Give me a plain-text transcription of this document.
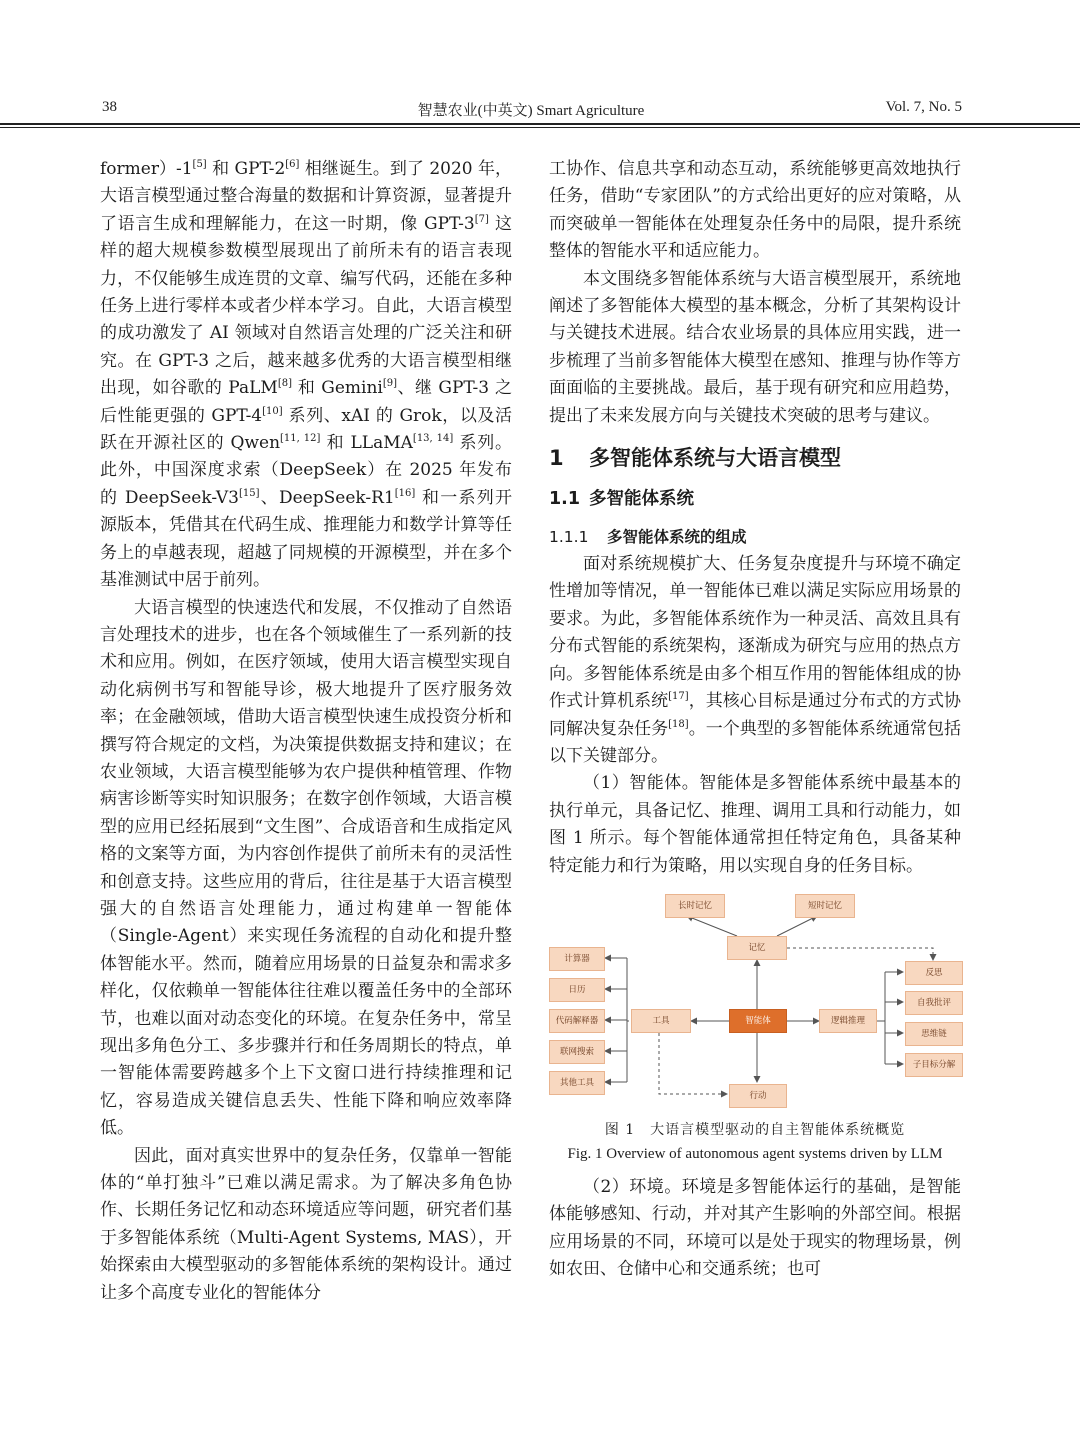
38	智慧农业(中英文) Smart Agriculture	Vol. 7, No. 5

former）-1[5] 和 GPT-2[6] 相继诞生。到了 2020 年，大语言模型通过整合海量的数据和计算资源，显著提升了语言生成和理解能力，在这一时期，像 GPT-3[7] 这样的超大规模参数模型展现出了前所未有的语言表现力，不仅能够生成连贯的文章、编写代码，还能在多种任务上进行零样本或者少样本学习。自此，大语言模型的成功激发了 AI 领域对自然语言处理的广泛关注和研究。在 GPT-3 之后，越来越多优秀的大语言模型相继出现，如谷歌的 PaLM[8] 和 Gemini[9]、继 GPT-3 之后性能更强的 GPT-4[10] 系列、xAI 的 Grok，以及活跃在开源社区的 Qwen[11, 12] 和 LLaMA[13, 14] 系列。此外，中国深度求索（DeepSeek）在 2025 年发布的 DeepSeek-V3[15]、DeepSeek-R1[16] 和一系列开源版本，凭借其在代码生成、推理能力和数学计算等任务上的卓越表现，超越了同规模的开源模型，并在多个基准测试中居于前列。

大语言模型的快速迭代和发展，不仅推动了自然语言处理技术的进步，也在各个领域催生了一系列新的技术和应用。例如，在医疗领域，使用大语言模型实现自动化病例书写和智能导诊，极大地提升了医疗服务效率；在金融领域，借助大语言模型快速生成投资分析和撰写符合规定的文档，为决策提供数据支持和建议；在农业领域，大语言模型能够为农户提供种植管理、作物病害诊断等实时知识服务；在数字创作领域，大语言模型的应用已经拓展到“文生图”、合成语音和生成指定风格的文案等方面，为内容创作提供了前所未有的灵活性和创意支持。这些应用的背后，往往是基于大语言模型强大的自然语言处理能力，通过构建单一智能体（Single-Agent）来实现任务流程的自动化和提升整体智能水平。然而，随着应用场景的日益复杂和需求多样化，仅依赖单一智能体往往难以覆盖任务中的全部环节，也难以面对动态变化的环境。在复杂任务中，常呈现出多角色分工、多步骤并行和任务周期长的特点，单一智能体需要跨越多个上下文窗口进行持续推理和记忆，容易造成关键信息丢失、性能下降和响应效率降低。

因此，面对真实世界中的复杂任务，仅靠单一智能体的“单打独斗”已难以满足需求。为了解决多角色协作、长期任务记忆和动态环境适应等问题，研究者们基于多智能体系统（Multi-Agent Systems, MAS），开始探索由大模型驱动的多智能体系统的架构设计。通过让多个高度专业化的智能体分

工协作、信息共享和动态互动，系统能够更高效地执行任务，借助“专家团队”的方式给出更好的应对策略，从而突破单一智能体在处理复杂任务中的局限，提升系统整体的智能水平和适应能力。

本文围绕多智能体系统与大语言模型展开，系统地阐述了多智能体大模型的基本概念，分析了其架构设计与关键技术进展。结合农业场景的具体应用实践，进一步梳理了当前多智能体大模型在感知、推理与协作等方面面临的主要挑战。最后，基于现有研究和应用趋势，提出了未来发展方向与关键技术突破的思考与建议。

1 多智能体系统与大语言模型
1.1 多智能体系统
1.1.1 多智能体系统的组成

面对系统规模扩大、任务复杂度提升与环境不确定性增加等情况，单一智能体已难以满足实际应用场景的要求。为此，多智能体系统作为一种灵活、高效且具有分布式智能的系统架构，逐渐成为研究与应用的热点方向。多智能体系统是由多个相互作用的智能体组成的协作式计算机系统[17]，其核心目标是通过分布式的方式协同解决复杂任务[18]。一个典型的多智能体系统通常包括以下关键部分。

（1）智能体。智能体是多智能体系统中最基本的执行单元，具备记忆、推理、调用工具和行动能力，如图 1 所示。每个智能体通常担任特定角色，具备某种特定能力和行为策略，用以实现自身的任务目标。

长时记忆	短时记忆
记忆
计算器
日历
代码解释器
联网搜索
其他工具
工具	智能体	逻辑推理
反思
自我批评
思维链
子目标分解
行动
图 1　大语言模型驱动的自主智能体系统概览
Fig. 1 Overview of autonomous agent systems driven by LLM

（2）环境。环境是多智能体运行的基础，是智能体能够感知、行动，并对其产生影响的外部空间。根据应用场景的不同，环境可以是处于现实的物理场景，例如农田、仓储中心和交通系统；也可
